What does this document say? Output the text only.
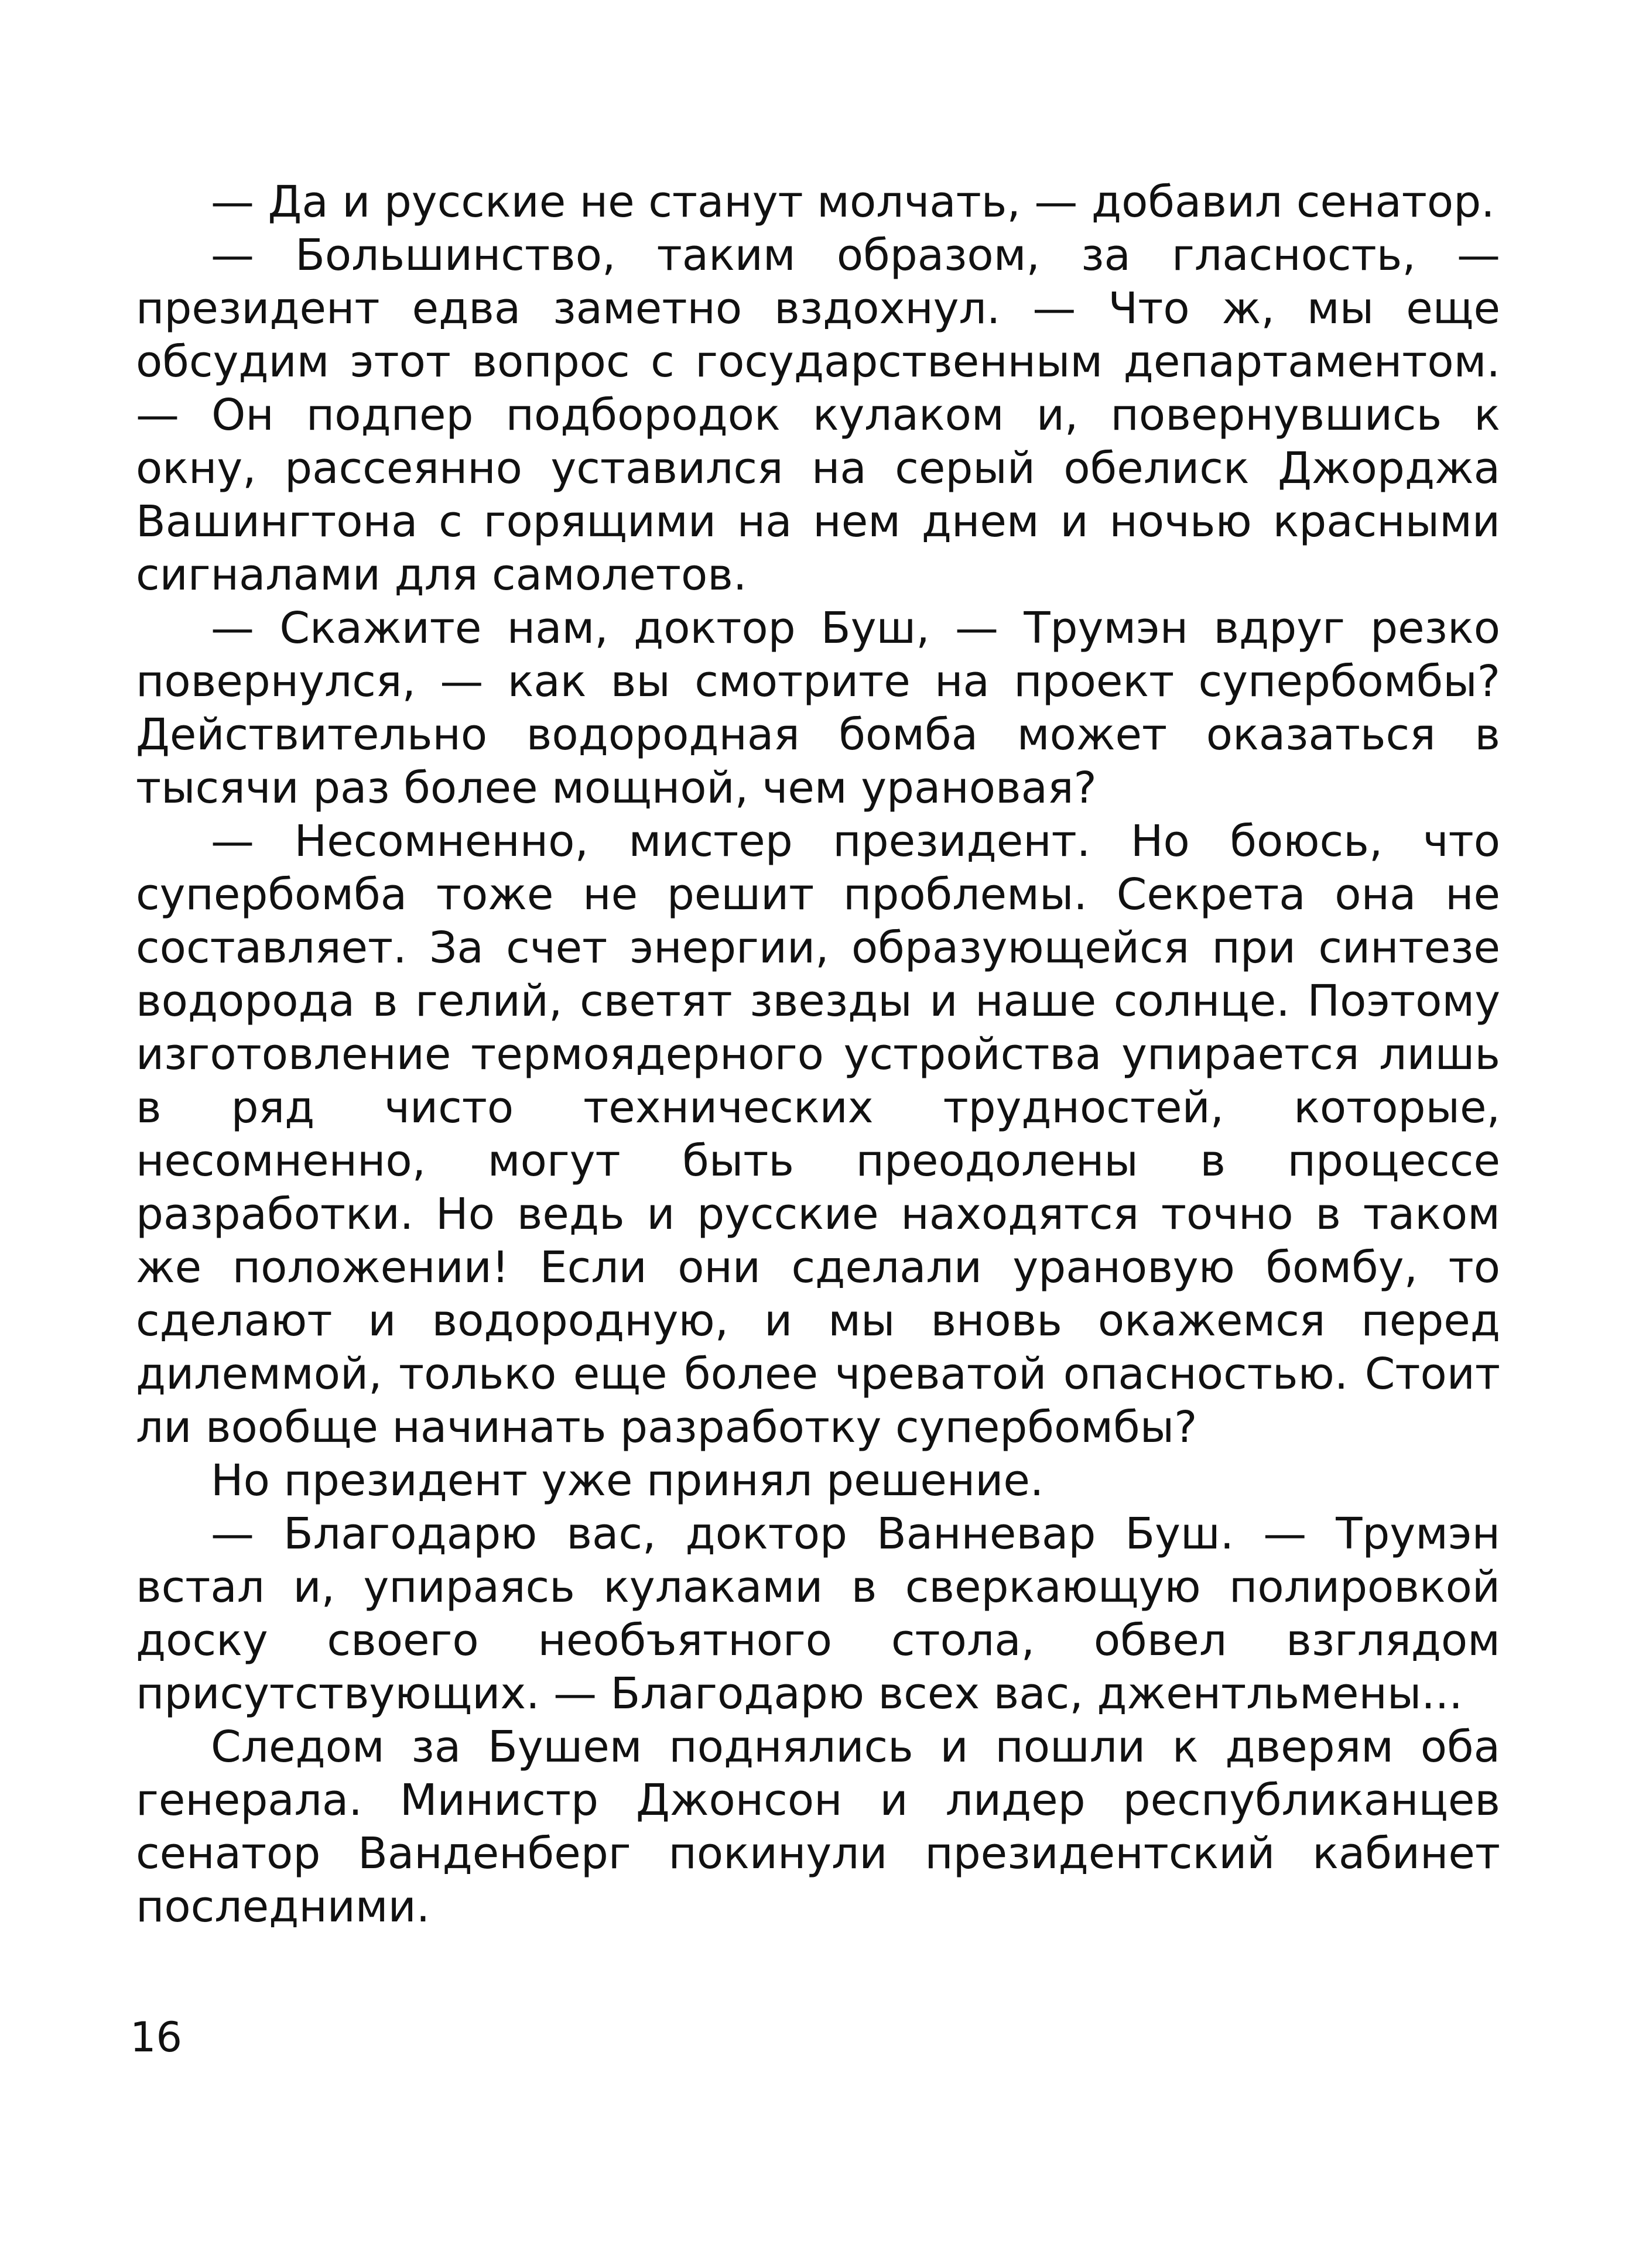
— Да и русские не станут молчать, — добавил сенатор.

— Большинство, таким образом, за гласность, — президент едва заметно вздохнул. — Что ж, мы еще обсудим этот вопрос с государственным департаментом. — Он подпер подбородок кулаком и, повернувшись к окну, рассеянно уставился на серый обелиск Джорджа Вашингтона с горящими на нем днем и ночью красными сигналами для самолетов.

— Скажите нам, доктор Буш, — Трумэн вдруг резко повернулся, — как вы смотрите на проект супербомбы? Действительно водородная бомба может оказаться в тысячи раз более мощной, чем урановая?

— Несомненно, мистер президент. Но боюсь, что супербомба тоже не решит проблемы. Секрета она не составляет. За счет энергии, образующейся при синтезе водорода в гелий, светят звезды и наше солнце. Поэтому изготовление термоядерного устройства упирается лишь в ряд чисто технических трудностей, которые, несомненно, могут быть преодолены в процессе разработки. Но ведь и русские находятся точно в таком же положении! Если они сделали урановую бомбу, то сделают и водородную, и мы вновь окажемся перед дилеммой, только еще более чреватой опасностью. Стоит ли вообще начинать разработку супербомбы?

Но президент уже принял решение.

— Благодарю вас, доктор Ванневар Буш. — Трумэн встал и, упираясь кулаками в сверкающую полировкой доску своего необъятного стола, обвел взглядом присутствующих. — Благодарю всех вас, джентльмены...

Следом за Бушем поднялись и пошли к дверям оба генерала. Министр Джонсон и лидер республиканцев сенатор Ванденберг покинули президентский кабинет последними.

16
